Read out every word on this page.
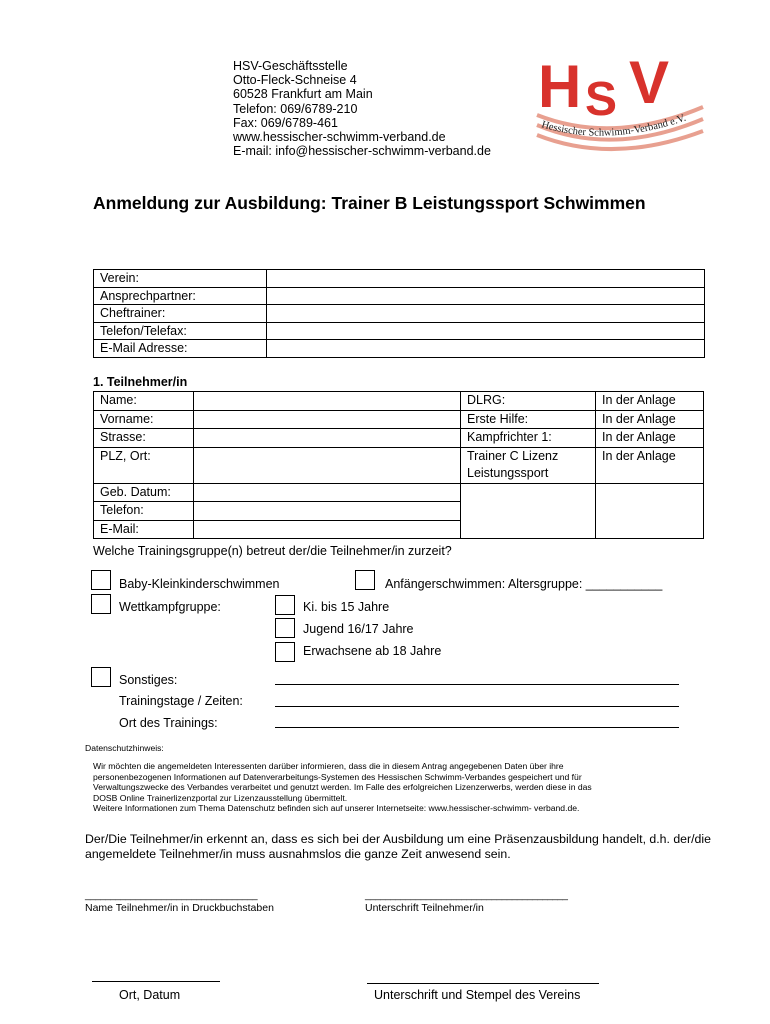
HSV-Geschäftsstelle
Otto-Fleck-Schneise 4
60528 Frankfurt am Main
Telefon: 069/6789-210
Fax: 069/6789-461
www.hessischer-schwimm-verband.de
E-mail: info@hessischer-schwimm-verband.de
H S V
Hessischer Schwimm-Verband e.V.
Anmeldung zur Ausbildung: Trainer B Leistungssport Schwimmen
Verein:	
Ansprechpartner:	
Cheftrainer:	
Telefon/Telefax:	
E-Mail Adresse:	
1. Teilnehmer/in
Name:		DLRG:	In der Anlage
Vorname:		Erste Hilfe:	In der Anlage
Strasse:		Kampfrichter 1:	In der Anlage
PLZ, Ort:		Trainer C Lizenz Leistungssport	In der Anlage
Geb. Datum:			
Telefon:			
E-Mail:			
Welche Trainingsgruppe(n) betreut der/die Teilnehmer/in zurzeit?
Baby-Kleinkinderschwimmen	Anfängerschwimmen: Altersgruppe: ___________
Wettkampfgruppe:	Ki. bis 15 Jahre
Jugend 16/17 Jahre
Erwachsene ab 18 Jahre
Sonstiges:
Trainingstage / Zeiten:
Ort des Trainings:
Datenschutzhinweis:
Wir möchten die angemeldeten Interessenten darüber informieren, dass die in diesem Antrag angegebenen Daten über ihre
personenbezogenen Informationen auf Datenverarbeitungs-Systemen des Hessischen Schwimm-Verbandes gespeichert und für
Verwaltungszwecke des Verbandes verarbeitet und genutzt werden. Im Falle des erfolgreichen Lizenzerwerbs, werden diese in das
DOSB Online Trainerlizenzportal zur Lizenzausstellung übermittelt.
Weitere Informationen zum Thema Datenschutz befinden sich auf unserer Internetseite: www.hessischer-schwimm- verband.de.
Der/Die Teilnehmer/in erkennt an, dass es sich bei der Ausbildung um eine Präsenzausbildung handelt, d.h. der/die angemeldete Teilnehmer/in muss ausnahmslos die ganze Zeit anwesend sein.
__________________________________
Name Teilnehmer/in in Druckbuchstaben
________________________________________
Unterschrift Teilnehmer/in
Ort, Datum	Unterschrift und Stempel des Vereins
